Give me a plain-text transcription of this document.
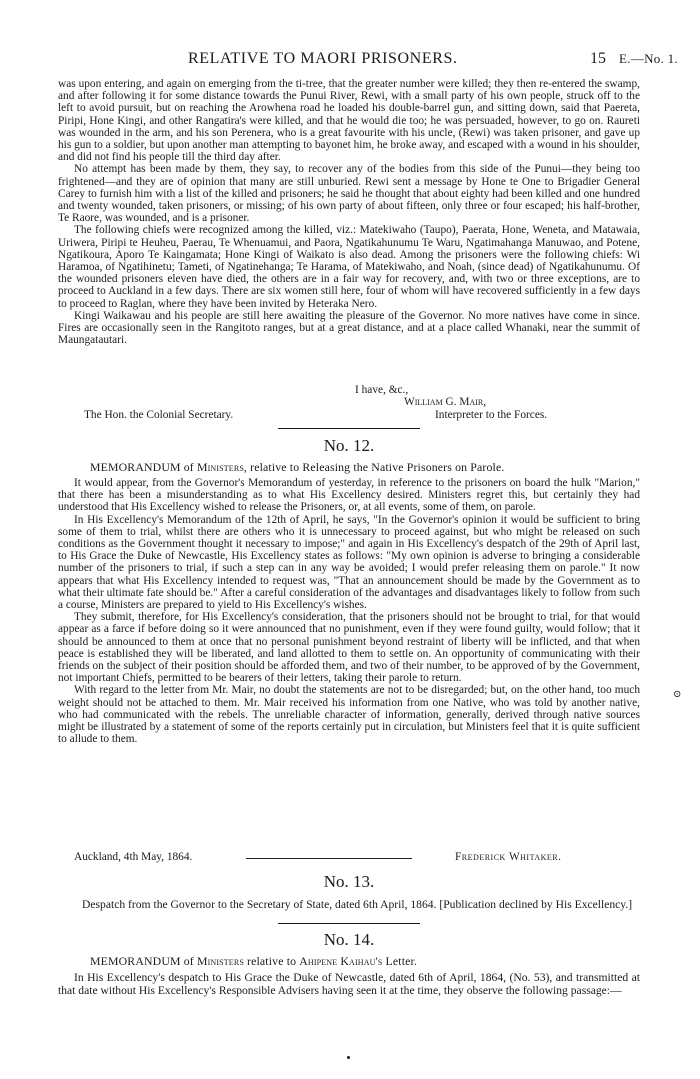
RELATIVE TO MAORI PRISONERS.	15 E.—No. 1.

was upon entering, and again on emerging from the ti-tree, that the greater number were killed; they then re-entered the swamp, and after following it for some distance towards the Punui River, Rewi, with a small party of his own people, struck off to the left to avoid pursuit, but on reaching the Arowhena road he loaded his double-barrel gun, and sitting down, said that Paereta, Piripi, Hone Kingi, and other Rangatira's were killed, and that he would die too; he was persuaded, however, to go on. Raureti was wounded in the arm, and his son Perenera, who is a great favourite with his uncle, (Rewi) was taken prisoner, and gave up his gun to a soldier, but upon another man attempting to bayonet him, he broke away, and escaped with a wound in his shoulder, and did not find his people till the third day after.

No attempt has been made by them, they say, to recover any of the bodies from this side of the Punui—they being too frightened—and they are of opinion that many are still unburied. Rewi sent a message by Hone te One to Brigadier General Carey to furnish him with a list of the killed and prisoners; he said he thought that about eighty had been killed and one hundred and twenty wounded, taken prisoners, or missing; of his own party of about fifteen, only three or four escaped; his half-brother, Te Raore, was wounded, and is a prisoner.

The following chiefs were recognized among the killed, viz.: Matekiwaho (Taupo), Paerata, Hone, Weneta, and Matawaia, Uriwera, Piripi te Heuheu, Paerau, Te Whenuamui, and Paora, Ngatikahunumu Te Waru, Ngatimahanga Manuwao, and Potene, Ngatikoura, Aporo Te Kaingamata; Hone Kingi of Waikato is also dead. Among the prisoners were the following chiefs: Wi Haramoa, of Ngatihinetu; Tameti, of Ngatinehanga; Te Harama, of Matekiwaho, and Noah, (since dead) of Ngatikahunumu. Of the wounded prisoners eleven have died, the others are in a fair way for recovery, and, with two or three exceptions, are to proceed to Auckland in a few days. There are six women still here, four of whom will have recovered sufficiently in a few days to proceed to Raglan, where they have been invited by Heteraka Nero.

Kingi Waikawau and his people are still here awaiting the pleasure of the Governor. No more natives have come in since. Fires are occasionally seen in the Rangitoto ranges, but at a great distance, and at a place called Whanaki, near the summit of Maungatautari.

I have, &c.,
William G. Mair,
The Hon. the Colonial Secretary.	Interpreter to the Forces.

No. 12.

MEMORANDUM of Ministers, relative to Releasing the Native Prisoners on Parole.

It would appear, from the Governor's Memorandum of yesterday, in reference to the prisoners on board the hulk "Marion," that there has been a misunderstanding as to what His Excellency desired. Ministers regret this, but certainly they had understood that His Excellency wished to release the Prisoners, or, at all events, some of them, on parole.

In His Excellency's Memorandum of the 12th of April, he says, "In the Governor's opinion it would be sufficient to bring some of them to trial, whilst there are others who it is unnecessary to proceed against, but who might be released on such conditions as the Government thought it necessary to impose;" and again in His Excellency's despatch of the 29th of April last, to His Grace the Duke of Newcastle, His Excellency states as follows: "My own opinion is adverse to bringing a considerable number of the prisoners to trial, if such a step can in any way be avoided; I would prefer releasing them on parole." It now appears that what His Excellency intended to request was, "That an announcement should be made by the Government as to what their ultimate fate should be." After a careful consideration of the advantages and disadvantages likely to follow from such a course, Ministers are prepared to yield to His Excellency's wishes.

They submit, therefore, for His Excellency's consideration, that the prisoners should not be brought to trial, for that would appear as a farce if before doing so it were announced that no punishment, even if they were found guilty, would follow; that it should be announced to them at once that no personal punishment beyond restraint of liberty will be inflicted, and that when peace is established they will be liberated, and land allotted to them to settle on. An opportunity of communicating with their friends on the subject of their position should be afforded them, and two of their number, to be approved of by the Government, not important Chiefs, permitted to be bearers of their letters, taking their parole to return.

With regard to the letter from Mr. Mair, no doubt the statements are not to be disregarded; but, on the other hand, too much weight should not be attached to them. Mr. Mair received his information from one Native, who was told by another native, who had communicated with the rebels. The unreliable character of information, generally, derived through native sources might be illustrated by a statement of some of the reports certainly put in circulation, but Ministers feel that it is quite sufficient to allude to them.

Auckland, 4th May, 1864.	Frederick Whitaker.

No. 13.

Despatch from the Governor to the Secretary of State, dated 6th April, 1864. [Publication declined by His Excellency.]

No. 14.

MEMORANDUM of Ministers relative to Ahipene Kaihau's Letter.

In His Excellency's despatch to His Grace the Duke of Newcastle, dated 6th of April, 1864, (No. 53), and transmitted at that date without His Excellency's Responsible Advisers having seen it at the time, they observe the following passage:—

⊙
